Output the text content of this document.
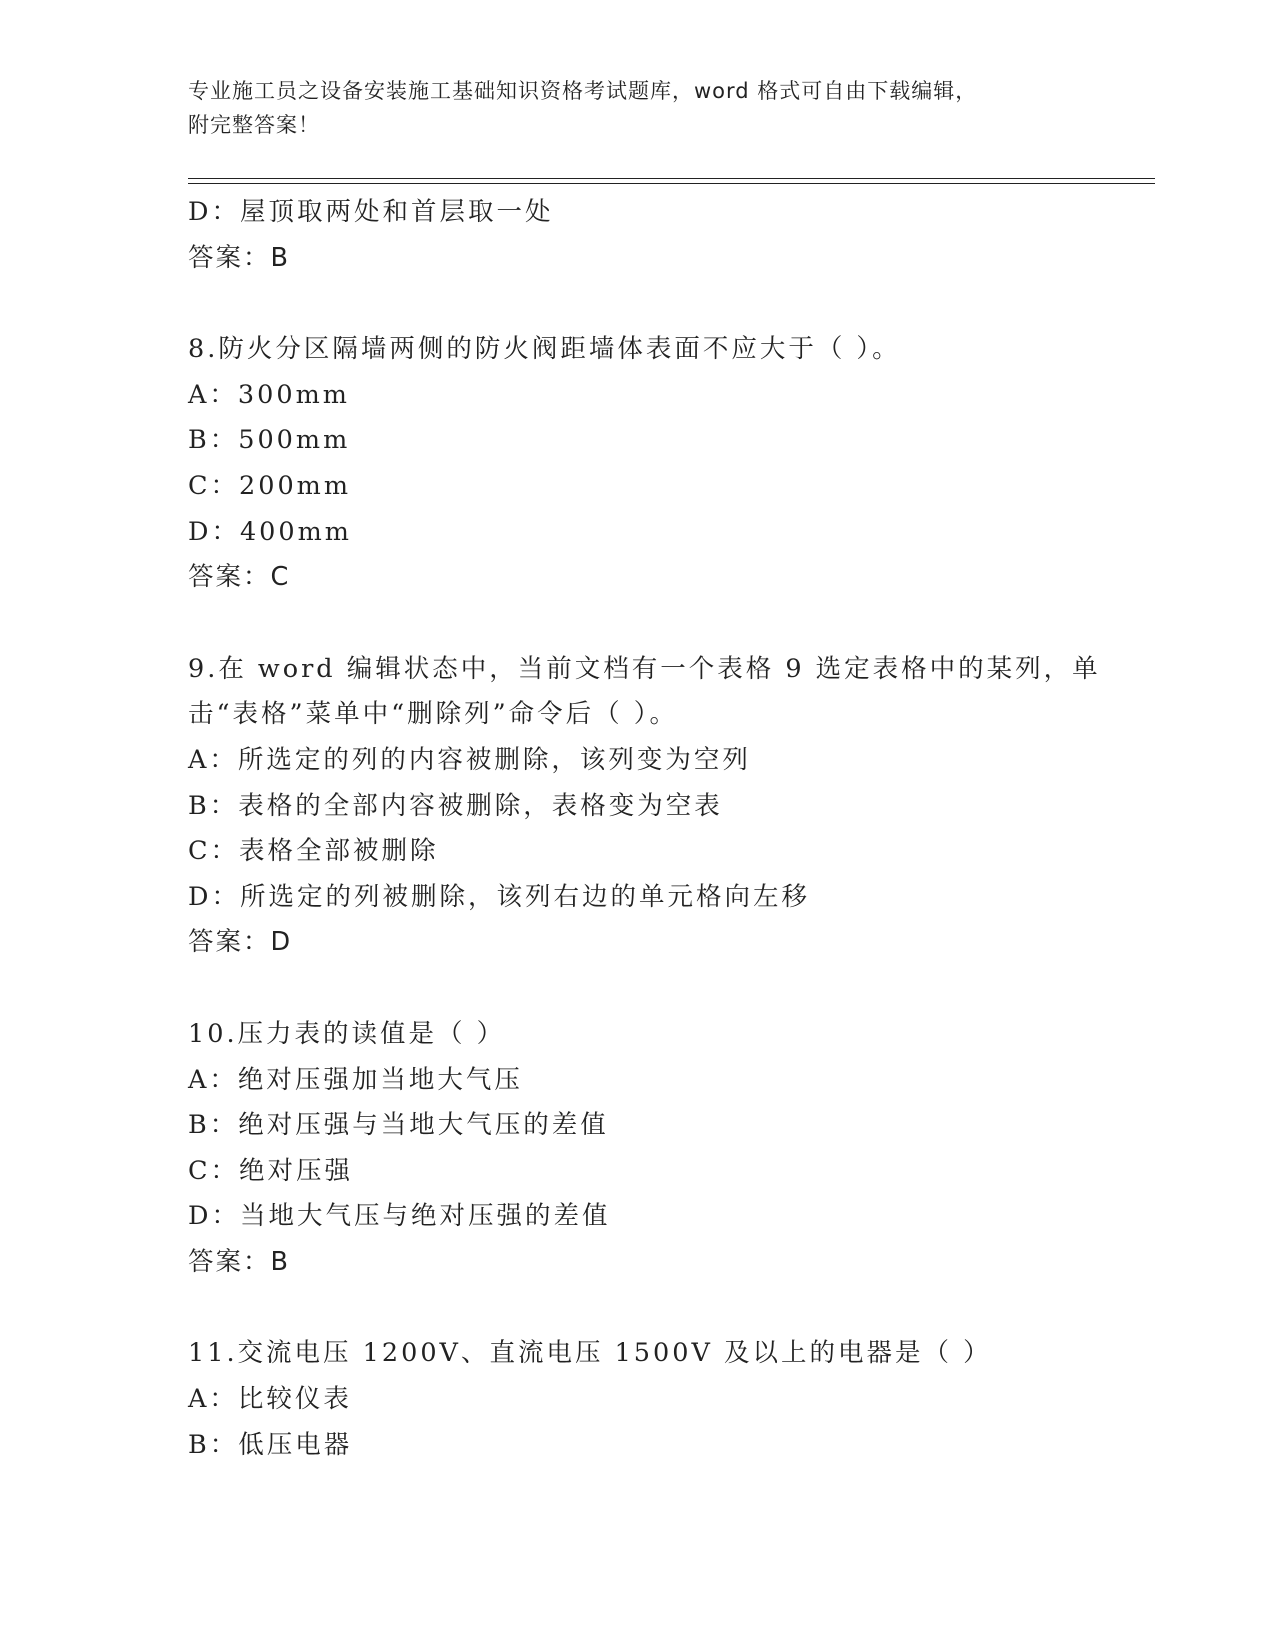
专业施工员之设备安装施工基础知识资格考试题库，word 格式可自由下载编辑，
附完整答案！
D：屋顶取两处和首层取一处
答案：B
8.防火分区隔墙两侧的防火阀距墙体表面不应大于（ ）。
A：300mm
B：500mm
C：200mm
D：400mm
答案：C
9.在 word 编辑状态中，当前文档有一个表格 9 选定表格中的某列，单
击“表格”菜单中“删除列”命令后（ ）。
A：所选定的列的内容被删除，该列变为空列
B：表格的全部内容被删除，表格变为空表
C：表格全部被删除
D：所选定的列被删除，该列右边的单元格向左移
答案：D
10.压力表的读值是（ ）
A：绝对压强加当地大气压
B：绝对压强与当地大气压的差值
C：绝对压强
D：当地大气压与绝对压强的差值
答案：B
11.交流电压 1200V、直流电压 1500V 及以上的电器是（ ）
A：比较仪表
B：低压电器
